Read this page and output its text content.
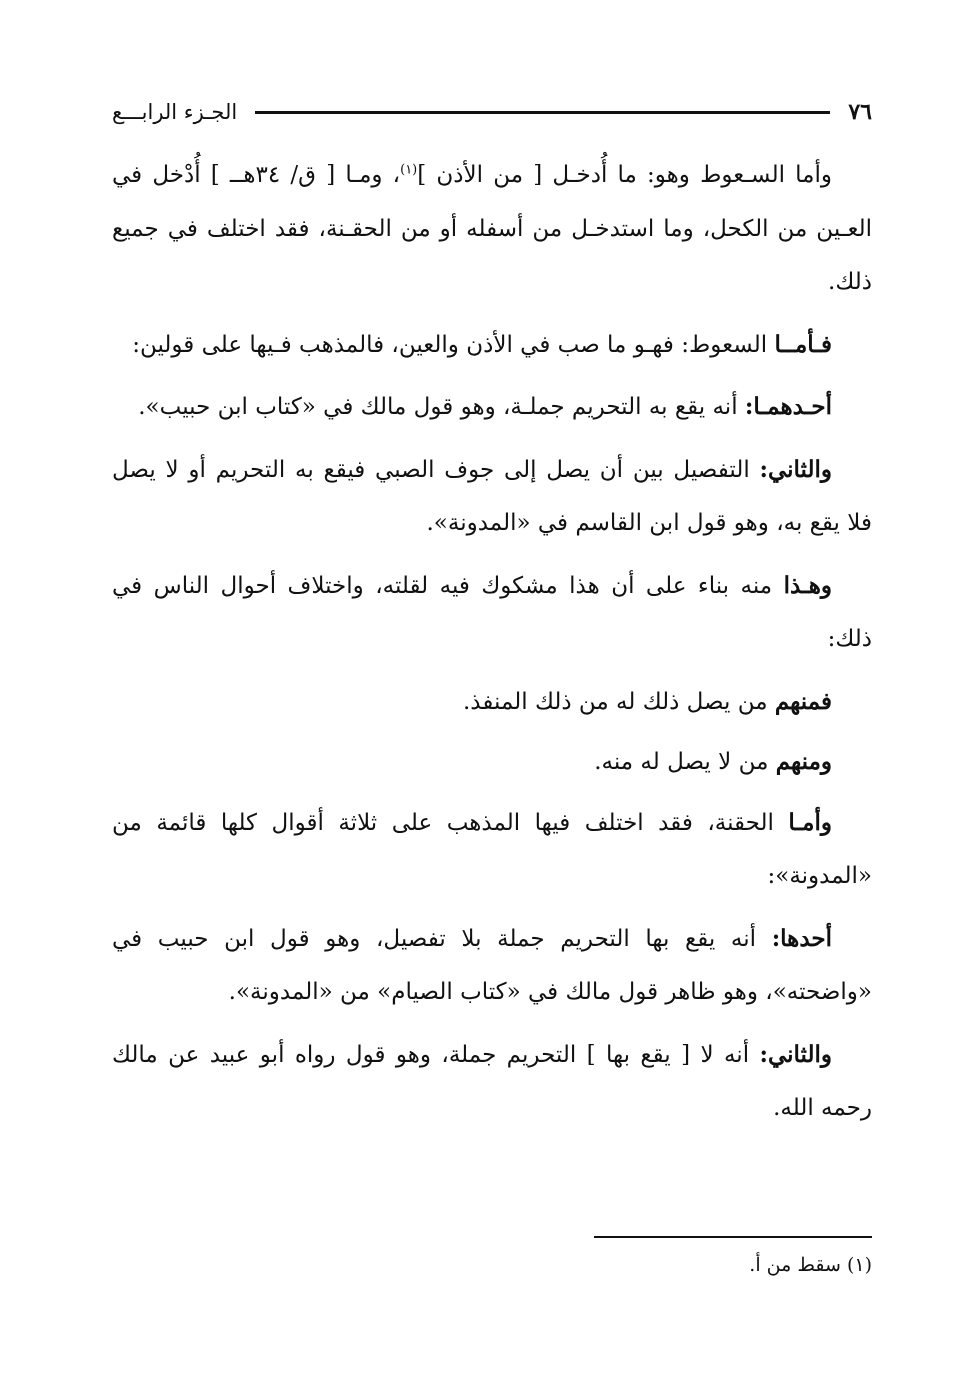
٧٦
الجـزء الرابـــع

وأما السـعوط وهو: ما أُدخـل [ من الأذن ]$^{(١)}$، ومـا [ ق/ ٣٤هــ ] أُدْخل في العـين من الكحل، وما استدخـل من أسفله أو من الحقـنة، فقد اختلف في جميع ذلك.

فـأمــا السعوط: فهـو ما صب في الأذن والعين، فالمذهب فـيها على قولين:

أحـدهمـا: أنه يقع به التحريم جملـة، وهو قول مالك في «كتاب ابن حبيب».

والثاني: التفصيل بين أن يصل إلى جوف الصبي فيقع به التحريم أو لا يصل فلا يقع به، وهو قول ابن القاسم في «المدونة».

وهـذا منه بناء على أن هذا مشكوك فيه لقلته، واختلاف أحوال الناس في ذلك:

فمنهم من يصل ذلك له من ذلك المنفذ.

ومنهم من لا يصل له منه.

وأمـا الحقنة، فقد اختلف فيها المذهب على ثلاثة أقوال كلها قائمة من «المدونة»:

أحدها: أنه يقع بها التحريم جملة بلا تفصيل، وهو قول ابن حبيب في «واضحته»، وهو ظاهر قول مالك في «كتاب الصيام» من «المدونة».

والثاني: أنه لا [ يقع بها ] التحريم جملة، وهو قول رواه أبو عبيد عن مالك رحمه الله.

(١) سقط من أ.
